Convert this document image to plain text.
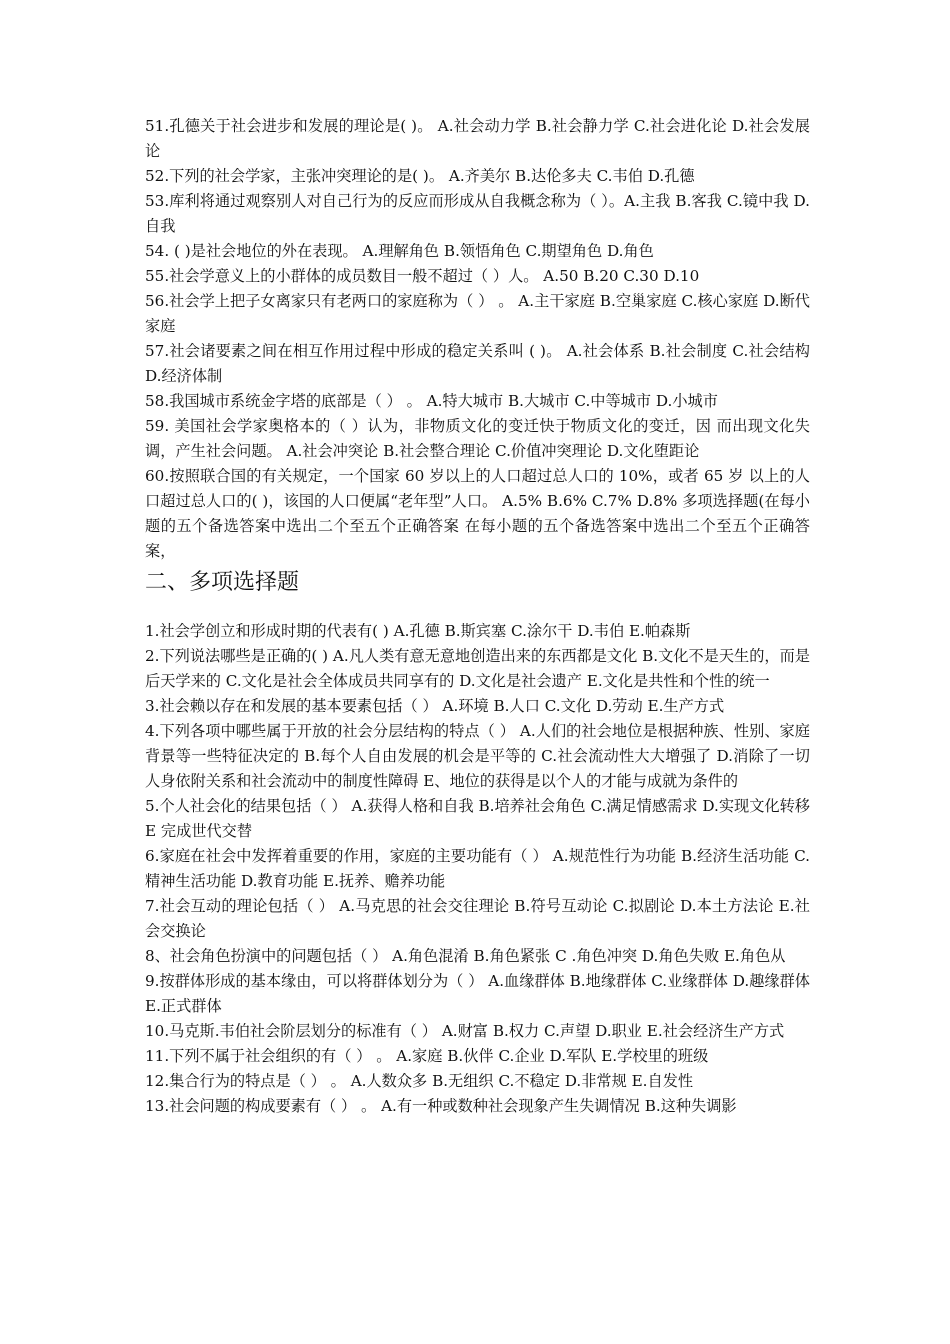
51.孔德关于社会进步和发展的理论是( )。 A.社会动力学 B.社会静力学 C.社会进化论 D.社会发展论

52.下列的社会学家，主张冲突理论的是( )。 A.齐美尔 B.达伦多夫 C.韦伯 D.孔德

53.库利将通过观察别人对自己行为的反应而形成从自我概念称为（ ）。A.主我 B.客我 C.镜中我 D.自我

54. ( )是社会地位的外在表现。 A.理解角色 B.领悟角色 C.期望角色 D.角色

55.社会学意义上的小群体的成员数目一般不超过（ ）人。 A.50 B.20 C.30 D.10

56.社会学上把子女离家只有老两口的家庭称为（ ） 。 A.主干家庭 B.空巢家庭 C.核心家庭 D.断代家庭

57.社会诸要素之间在相互作用过程中形成的稳定关系叫 ( )。 A.社会体系 B.社会制度 C.社会结构 D.经济体制

58.我国城市系统金字塔的底部是（ ） 。 A.特大城市 B.大城市 C.中等城市 D.小城市

59. 美国社会学家奥格本的（ ）认为，非物质文化的变迁快于物质文化的变迁，因 而出现文化失调，产生社会问题。 A.社会冲突论 B.社会整合理论 C.价值冲突理论 D.文化堕距论

60.按照联合国的有关规定，一个国家 60 岁以上的人口超过总人口的 10%，或者 65 岁 以上的人口超过总人口的( )，该国的人口便属“老年型”人口。 A.5% B.6% C.7% D.8% 多项选择题(在每小题的五个备选答案中选出二个至五个正确答案 在每小题的五个备选答案中选出二个至五个正确答案，

二、多项选择题

1.社会学创立和形成时期的代表有( ) A.孔德 B.斯宾塞 C.涂尔干 D.韦伯 E.帕森斯

2.下列说法哪些是正确的( ) A.凡人类有意无意地创造出来的东西都是文化 B.文化不是天生的，而是后天学来的 C.文化是社会全体成员共同享有的 D.文化是社会遗产 E.文化是共性和个性的统一

3.社会赖以存在和发展的基本要素包括（ ） A.环境 B.人口 C.文化 D.劳动 E.生产方式

4.下列各项中哪些属于开放的社会分层结构的特点（ ） A.人们的社会地位是根据种族、性别、家庭背景等一些特征决定的 B.每个人自由发展的机会是平等的 C.社会流动性大大增强了 D.消除了一切人身依附关系和社会流动中的制度性障碍 E、地位的获得是以个人的才能与成就为条件的

5.个人社会化的结果包括（ ） A.获得人格和自我 B.培养社会角色 C.满足情感需求 D.实现文化转移 E 完成世代交替

6.家庭在社会中发挥着重要的作用，家庭的主要功能有（ ） A.规范性行为功能 B.经济生活功能 C.精神生活功能 D.教育功能 E.抚养、赡养功能

7.社会互动的理论包括（ ） A.马克思的社会交往理论 B.符号互动论 C.拟剧论 D.本土方法论 E.社会交换论

8、社会角色扮演中的问题包括（ ） A.角色混淆 B.角色紧张 C .角色冲突 D.角色失败 E.角色从

9.按群体形成的基本缘由，可以将群体划分为（ ） A.血缘群体 B.地缘群体 C.业缘群体 D.趣缘群体 E.正式群体

10.马克斯.韦伯社会阶层划分的标准有（ ） A.财富 B.权力 C.声望 D.职业 E.社会经济生产方式

11.下列不属于社会组织的有（ ） 。 A.家庭 B.伙伴 C.企业 D.军队 E.学校里的班级

12.集合行为的特点是（ ） 。 A.人数众多 B.无组织 C.不稳定 D.非常规 E.自发性

13.社会问题的构成要素有（ ） 。 A.有一种或数种社会现象产生失调情况 B.这种失调影
